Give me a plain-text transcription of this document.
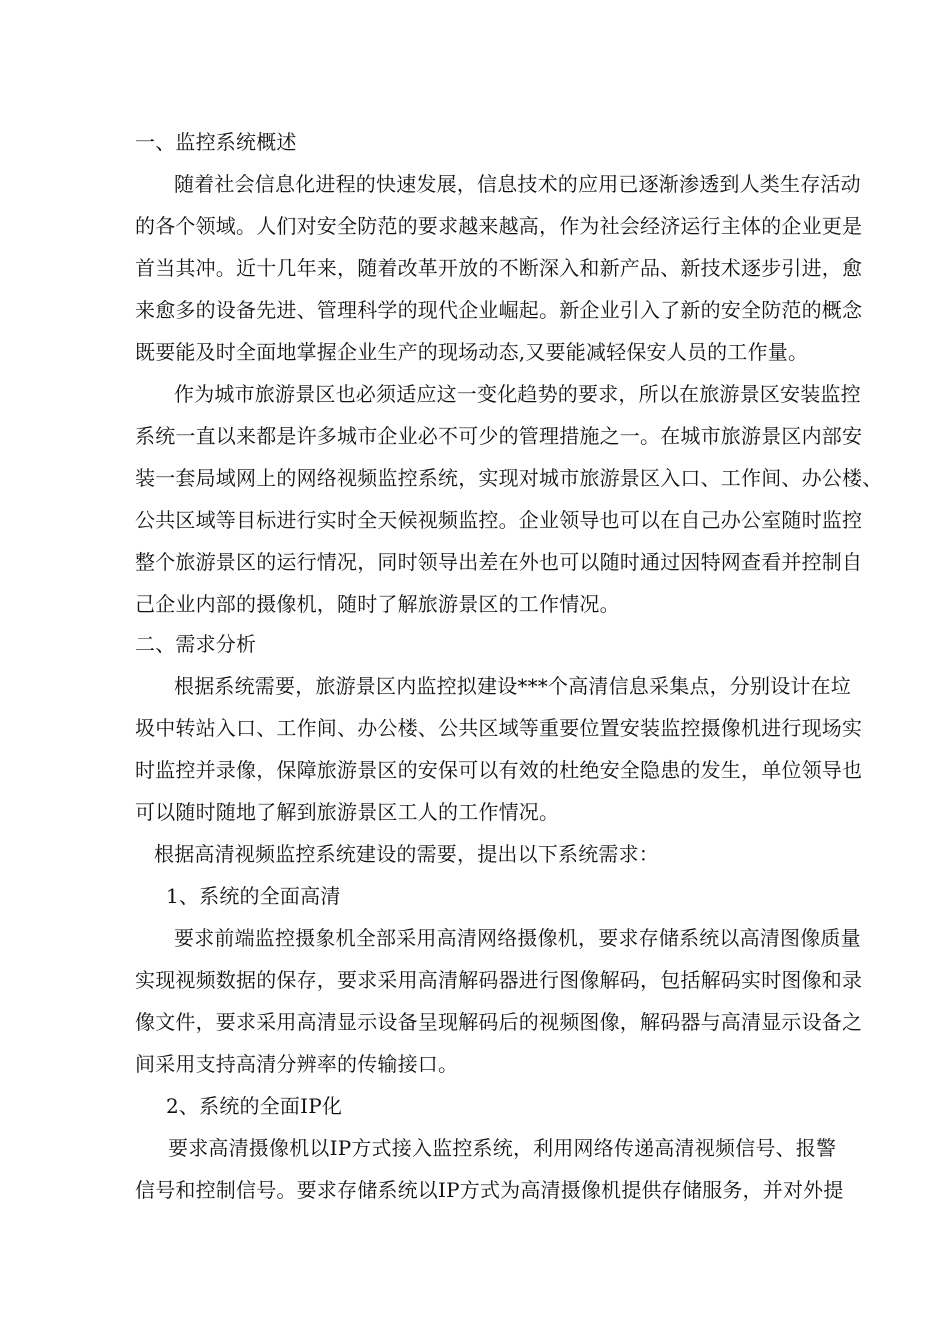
一、监控系统概述
随着社会信息化进程的快速发展，信息技术的应用已逐渐渗透到人类生存活动
的各个领域。人们对安全防范的要求越来越高，作为社会经济运行主体的企业更是
首当其冲。近十几年来，随着改革开放的不断深入和新产品、新技术逐步引进，愈
来愈多的设备先进、管理科学的现代企业崛起。新企业引入了新的安全防范的概念
既要能及时全面地掌握企业生产的现场动态,又要能减轻保安人员的工作量。
作为城市旅游景区也必须适应这一变化趋势的要求，所以在旅游景区安装监控
系统一直以来都是许多城市企业必不可少的管理措施之一。在城市旅游景区内部安
装一套局域网上的网络视频监控系统，实现对城市旅游景区入口、工作间、办公楼、
公共区域等目标进行实时全天候视频监控。企业领导也可以在自己办公室随时监控
整个旅游景区的运行情况，同时领导出差在外也可以随时通过因特网查看并控制自
己企业内部的摄像机，随时了解旅游景区的工作情况。
二、需求分析
根据系统需要，旅游景区内监控拟建设***个高清信息采集点，分别设计在垃
圾中转站入口、工作间、办公楼、公共区域等重要位置安装监控摄像机进行现场实
时监控并录像，保障旅游景区的安保可以有效的杜绝安全隐患的发生，单位领导也
可以随时随地了解到旅游景区工人的工作情况。
根据高清视频监控系统建设的需要，提出以下系统需求：
1、系统的全面高清
要求前端监控摄象机全部采用高清网络摄像机，要求存储系统以高清图像质量
实现视频数据的保存，要求采用高清解码器进行图像解码，包括解码实时图像和录
像文件，要求采用高清显示设备呈现解码后的视频图像，解码器与高清显示设备之
间采用支持高清分辨率的传输接口。
2、系统的全面IP化
要求高清摄像机以IP方式接入监控系统，利用网络传递高清视频信号、报警
信号和控制信号。要求存储系统以IP方式为高清摄像机提供存储服务，并对外提
